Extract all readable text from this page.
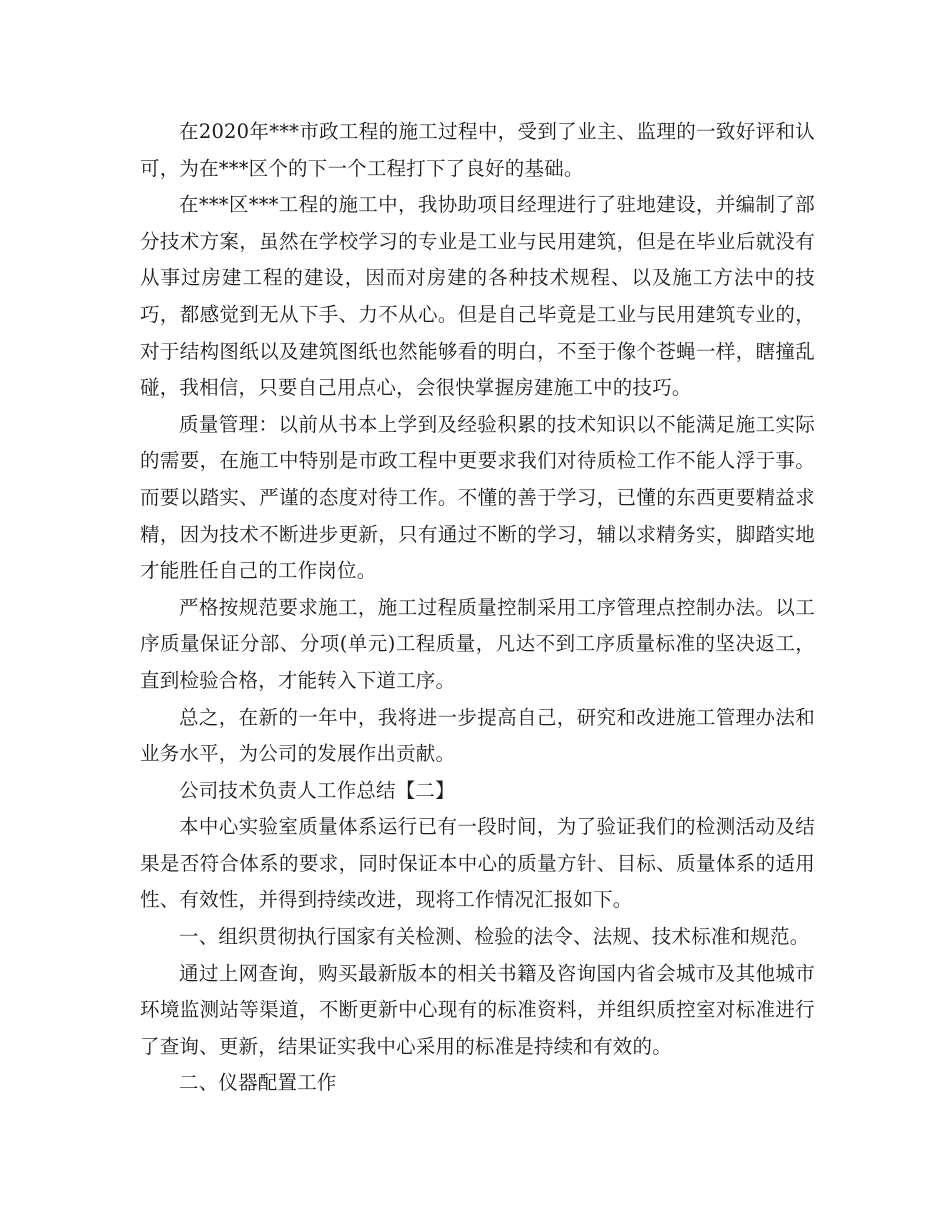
在2020年***市政工程的施工过程中，受到了业主、监理的一致好评和认可，为在***区个的下一个工程打下了良好的基础。

在***区***工程的施工中，我协助项目经理进行了驻地建设，并编制了部分技术方案，虽然在学校学习的专业是工业与民用建筑，但是在毕业后就没有从事过房建工程的建设，因而对房建的各种技术规程、以及施工方法中的技巧，都感觉到无从下手、力不从心。但是自己毕竟是工业与民用建筑专业的，对于结构图纸以及建筑图纸也然能够看的明白，不至于像个苍蝇一样，瞎撞乱碰，我相信，只要自己用点心，会很快掌握房建施工中的技巧。

质量管理：以前从书本上学到及经验积累的技术知识以不能满足施工实际的需要，在施工中特别是市政工程中更要求我们对待质检工作不能人浮于事。而要以踏实、严谨的态度对待工作。不懂的善于学习，已懂的东西更要精益求精，因为技术不断进步更新，只有通过不断的学习，辅以求精务实，脚踏实地才能胜任自己的工作岗位。

严格按规范要求施工，施工过程质量控制采用工序管理点控制办法。以工序质量保证分部、分项(单元)工程质量，凡达不到工序质量标准的坚决返工，直到检验合格，才能转入下道工序。

总之，在新的一年中，我将进一步提高自己，研究和改进施工管理办法和业务水平，为公司的发展作出贡献。

公司技术负责人工作总结【二】

本中心实验室质量体系运行已有一段时间，为了验证我们的检测活动及结果是否符合体系的要求，同时保证本中心的质量方针、目标、质量体系的适用性、有效性，并得到持续改进，现将工作情况汇报如下。

一、组织贯彻执行国家有关检测、检验的法令、法规、技术标准和规范。

通过上网查询，购买最新版本的相关书籍及咨询国内省会城市及其他城市环境监测站等渠道，不断更新中心现有的标准资料，并组织质控室对标准进行了查询、更新，结果证实我中心采用的标准是持续和有效的。

二、仪器配置工作
